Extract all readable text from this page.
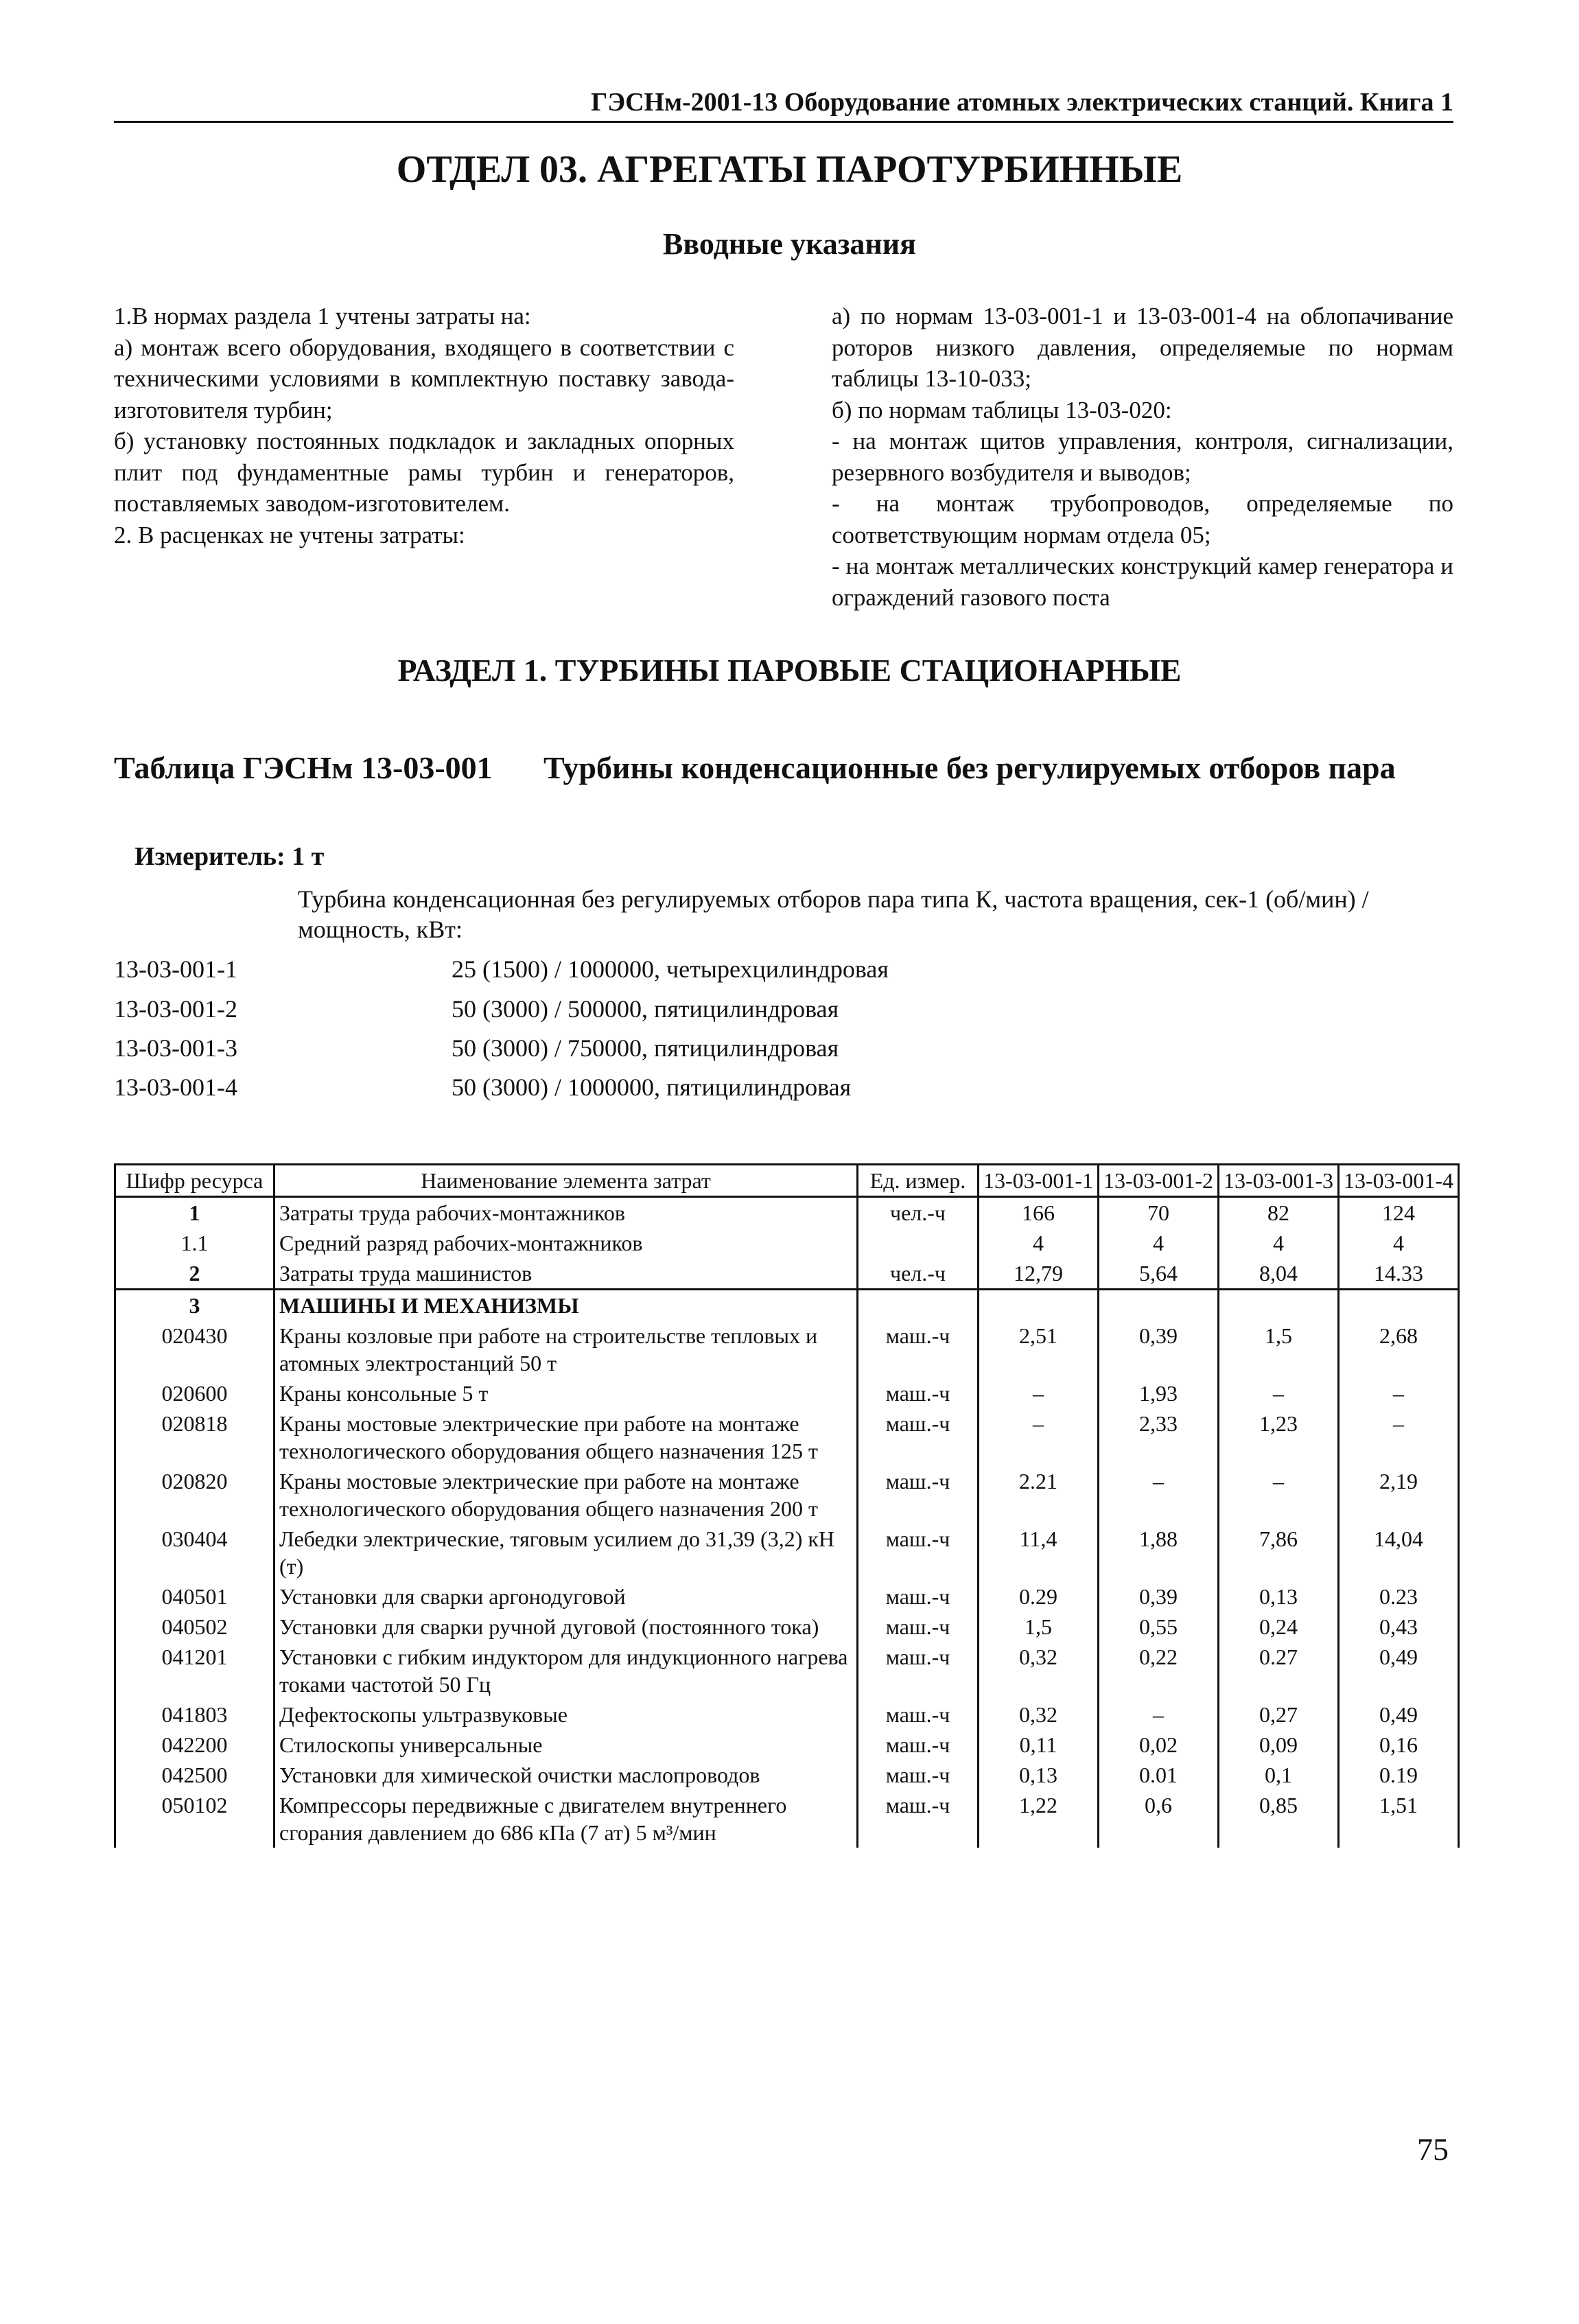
ГЭСНм-2001-13 Оборудование атомных электрических станций. Книга 1
ОТДЕЛ 03. АГРЕГАТЫ ПАРОТУРБИННЫЕ
Вводные указания

1.В нормах раздела 1 учтены затраты на:

а) монтаж всего оборудования, входящего в соответствии с техническими условиями в комплектную поставку завода-изготовителя турбин;

б) установку постоянных подкладок и закладных опорных плит под фундаментные рамы турбин и генераторов, поставляемых заводом-изготовителем.

2. В расценках не учтены затраты:

а) по нормам 13-03-001-1 и 13-03-001-4 на облопачивание роторов низкого давления, определяемые по нормам таблицы 13-10-033;

б) по нормам таблицы 13-03-020:

- на монтаж щитов управления, контроля, сигнализации, резервного возбудителя и выводов;

- на монтаж трубопроводов, определяемые по соответствующим нормам отдела 05;

- на монтаж металлических конструкций камер генератора и ограждений газового поста

РАЗДЕЛ 1. ТУРБИНЫ ПАРОВЫЕ СТАЦИОНАРНЫЕ
Таблица ГЭСНм 13-03-001	Турбины конденсационные без регулируемых отборов пара
Измеритель: 1 т
Турбина конденсационная без регулируемых отборов пара типа К, частота вращения, сек-1 (об/мин) / мощность, кВт:
13-03-001-1	25 (1500) / 1000000, четырехцилиндровая
13-03-001-2	50 (3000) / 500000, пятицилиндровая
13-03-001-3	50 (3000) / 750000, пятицилиндровая
13-03-001-4	50 (3000) / 1000000, пятицилиндровая
Шифр ресурса	Наименование элемента затрат	Ед. измер.	13-03-001-1	13-03-001-2	13-03-001-3	13-03-001-4
1	Затраты труда рабочих-монтажников	чел.-ч	166	70	82	124
1.1	Средний разряд рабочих-монтажников		4	4	4	4
2	Затраты труда машинистов	чел.-ч	12,79	5,64	8,04	14.33
3	МАШИНЫ И МЕХАНИЗМЫ					
020430	Краны козловые при работе на строительстве тепловых и атомных электростанций 50 т	маш.-ч	2,51	0,39	1,5	2,68
020600	Краны консольные 5 т	маш.-ч	–	1,93	–	–
020818	Краны мостовые электрические при работе на монтаже технологического оборудования общего назначения 125 т	маш.-ч	–	2,33	1,23	–
020820	Краны мостовые электрические при работе на монтаже технологического оборудования общего назначения 200 т	маш.-ч	2.21	–	–	2,19
030404	Лебедки электрические, тяговым усилием до 31,39 (3,2) кН (т)	маш.-ч	11,4	1,88	7,86	14,04
040501	Установки для сварки аргонодуговой	маш.-ч	0.29	0,39	0,13	0.23
040502	Установки для сварки ручной дуговой (постоянного тока)	маш.-ч	1,5	0,55	0,24	0,43
041201	Установки с гибким индуктором для индукционного нагрева токами частотой 50 Гц	маш.-ч	0,32	0,22	0.27	0,49
041803	Дефектоскопы ультразвуковые	маш.-ч	0,32	–	0,27	0,49
042200	Стилоскопы универсальные	маш.-ч	0,11	0,02	0,09	0,16
042500	Установки для химической очистки маслопроводов	маш.-ч	0,13	0.01	0,1	0.19
050102	Компрессоры передвижные с двигателем внутреннего сгорания давлением до 686 кПа (7 ат) 5 м³/мин	маш.-ч	1,22	0,6	0,85	1,51
75
